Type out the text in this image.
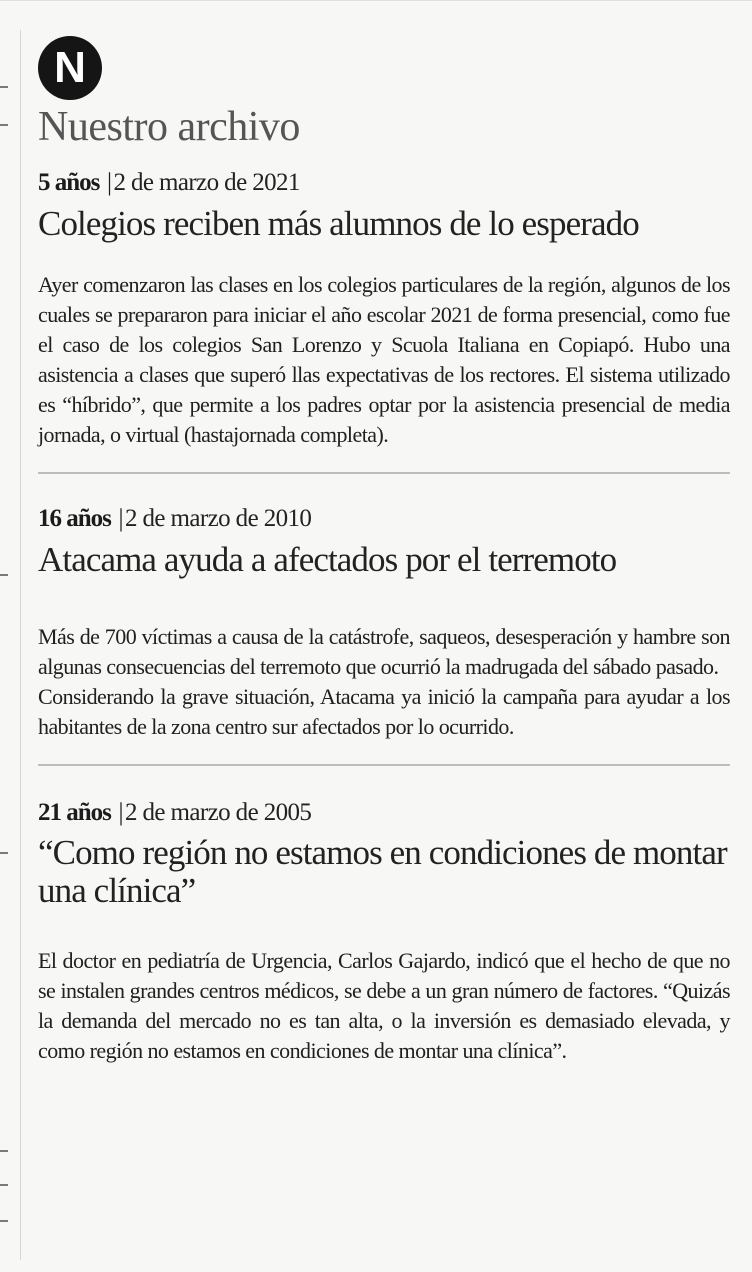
N
Nuestro archivo
5 años |2 de marzo de 2021
Colegios reciben más alumnos de lo esperado

Ayer comenzaron las clases en los colegios particulares de la región, algunos de los cuales se prepararon para iniciar el año escolar 2021 de forma presencial, como fue el caso de los colegios San Lorenzo y Scuola Italiana en Copiapó. Hubo una asistencia a clases que superó llas expectativas de los rectores. El sistema utilizado es “híbrido”, que permite a los padres optar por la asistencia presencial de media jornada, o virtual (hastajornada completa).

16 años |2 de marzo de 2010
Atacama ayuda a afectados por el terremoto

Más de 700 víctimas a causa de la catástrofe, saqueos, desesperación y hambre son algunas consecuencias del terremoto que ocurrió la madrugada del sábado pasado.

Considerando la grave situación, Atacama ya inició la campaña para ayudar a los habitantes de la zona centro sur afectados por lo ocurrido.

21 años |2 de marzo de 2005
“Como región no estamos en condiciones de montar una clínica”

El doctor en pediatría de Urgencia, Carlos Gajardo, indicó que el hecho de que no se instalen grandes centros médicos, se debe a un gran número de factores. “Quizás la demanda del mercado no es tan alta, o la inversión es demasiado elevada, y como región no estamos en condiciones de montar una clínica”.
